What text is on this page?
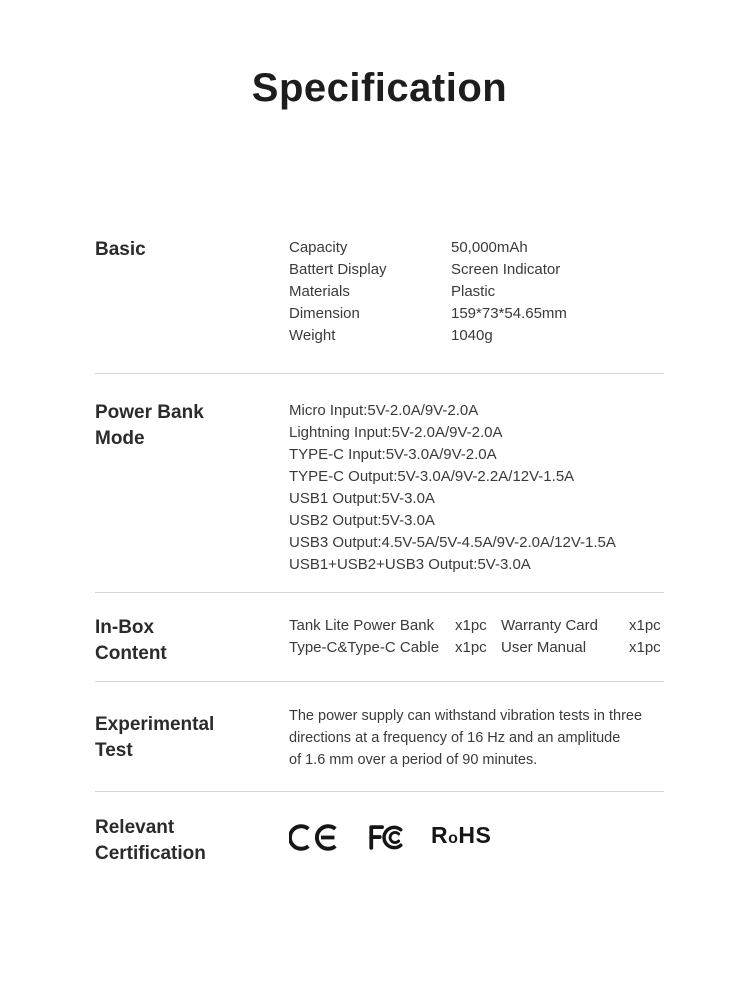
Specification
Basic	Capacity	50,000mAh
Battert Display	Screen Indicator
Materials	Plastic
Dimension	159*73*54.65mm
Weight	1040g
Power Bank
Mode
Micro Input:5V-2.0A/9V-2.0A
Lightning Input:5V-2.0A/9V-2.0A
TYPE-C Input:5V-3.0A/9V-2.0A
TYPE-C Output:5V-3.0A/9V-2.2A/12V-1.5A
USB1 Output:5V-3.0A
USB2 Output:5V-3.0A
USB3 Output:4.5V-5A/5V-4.5A/9V-2.0A/12V-1.5A
USB1+USB2+USB3 Output:5V-3.0A
In-Box
Content
Tank Lite Power Bank	x1pc Warranty Card	x1pc
Type-C&Type-C Cable	x1pc User Manual	x1pc
Experimental
Test
The power supply can withstand vibration tests in three
directions at a frequency of 16 Hz and an amplitude
of 1.6 mm over a period of 90 minutes.
Relevant
Certification
RoHS
